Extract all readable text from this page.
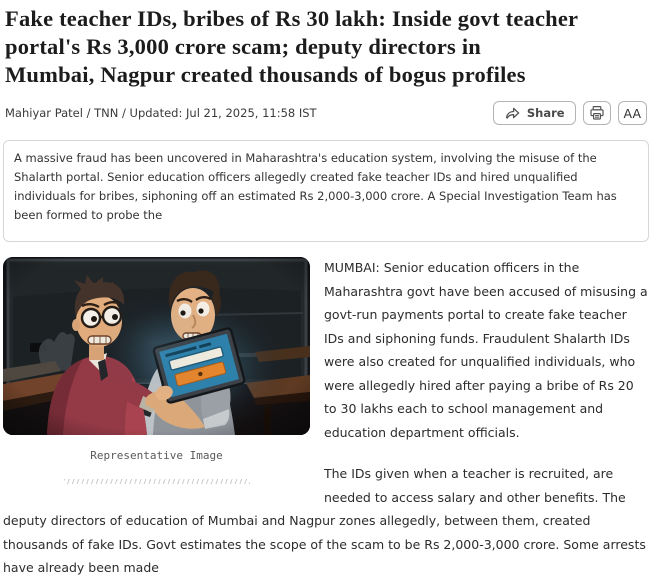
Fake teacher IDs, bribes of Rs 30 lakh: Inside govt teacher
portal's Rs 3,000 crore scam; deputy directors in
Mumbai, Nagpur created thousands of bogus profiles
Mahiyar Patel / TNN / Updated: Jul 21, 2025, 11:58 IST	Share	AA
A massive fraud has been uncovered in Maharashtra's education system, involving the misuse of the Shalarth portal. Senior education officers allegedly created fake teacher IDs and hired unqualified individuals for bribes, siphoning off an estimated Rs 2,000-3,000 crore. A Special Investigation Team has been formed to probe the
Representative Image

MUMBAI: Senior education officers in the Maharashtra govt have been accused of misusing a govt-run payments portal to create fake teacher IDs and siphoning funds. Fraudulent Shalarth IDs were also created for unqualified individuals, who were allegedly hired after paying a bribe of Rs 20 to 30 lakhs each to school management and education department officials.

The IDs given when a teacher is recruited, are needed to access salary and other benefits. The deputy directors of education of Mumbai and Nagpur zones allegedly, between them, created thousands of fake IDs. Govt estimates the scope of the scam to be Rs 2,000-3,000 crore. Some arrests have already been made
